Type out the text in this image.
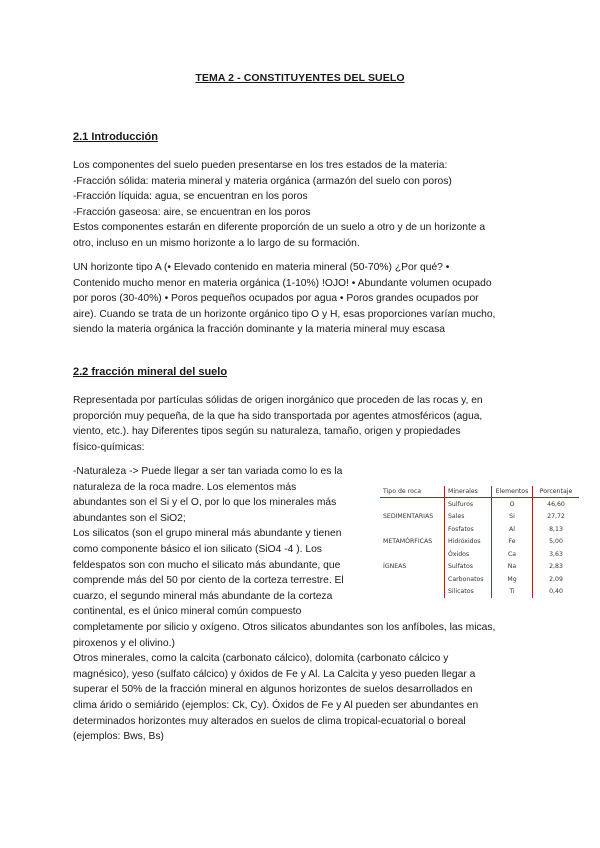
TEMA 2 - CONSTITUYENTES DEL SUELO
2.1 Introducción
Los componentes del suelo pueden presentarse en los tres estados de la materia:
-Fracción sólida: materia mineral y materia orgánica (armazón del suelo con poros)
-Fracción líquida: agua, se encuentran en los poros
-Fracción gaseosa: aire, se encuentran en los poros
Estos componentes estarán en diferente proporción de un suelo a otro y de un horizonte a
otro, incluso en un mismo horizonte a lo largo de su formación.
UN horizonte tipo A (• Elevado contenido en materia mineral (50-70%) ¿Por qué? •
Contenido mucho menor en materia orgánica (1-10%) !OJO! • Abundante volumen ocupado
por poros (30-40%) • Poros pequeños ocupados por agua • Poros grandes ocupados por
aire). Cuando se trata de un horizonte orgánico tipo O y H, esas proporciones varían mucho,
siendo la materia orgánica la fracción dominante y la materia mineral muy escasa
2.2 fracción mineral del suelo
Representada por partículas sólidas de origen inorgánico que proceden de las rocas y, en
proporción muy pequeña, de la que ha sido transportada por agentes atmosféricos (agua,
viento, etc.). hay Diferentes tipos según su naturaleza, tamaño, origen y propiedades
físico-químicas:
-Naturaleza -> Puede llegar a ser tan variada como lo es la
naturaleza de la roca madre. Los elementos más
abundantes son el Si y el O, por lo que los minerales más
abundantes son el SiO2;
Los silicatos (son el grupo mineral más abundante y tienen
como componente básico el ion silicato (SiO4 -4 ). Los
feldespatos son con mucho el silicato más abundante, que
comprende más del 50 por ciento de la corteza terrestre. El
cuarzo, el segundo mineral más abundante de la corteza
continental, es el único mineral común compuesto
completamente por silicio y oxígeno. Otros silicatos abundantes son los anfíboles, las micas,
piroxenos y el olivino.)
Otros minerales, como la calcita (carbonato cálcico), dolomita (carbonato cálcico y
magnésico), yeso (sulfato cálcico) y óxidos de Fe y Al. La Calcita y yeso pueden llegar a
superar el 50% de la fracción mineral en algunos horizontes de suelos desarrollados en
clima árido o semiárido (ejemplos: Ck, Cy). Óxidos de Fe y Al pueden ser abundantes en
determinados horizontes muy alterados en suelos de clima tropical-ecuatorial o boreal
(ejemplos: Bws, Bs)
Tipo de roca	Minerales	Elementos	Porcentaje
	Sulfuros	O	46,60
SEDIMENTARIAS	Sales	Si	27,72
	Fosfatos	Al	8,13
METAMÓRFICAS	Hidróxidos	Fe	5,00
	Óxidos	Ca	3,63
ÍGNEAS	Sulfatos	Na	2,83
	Carbonatos	Mg	2,09
	Silicatos	Ti	0,40
